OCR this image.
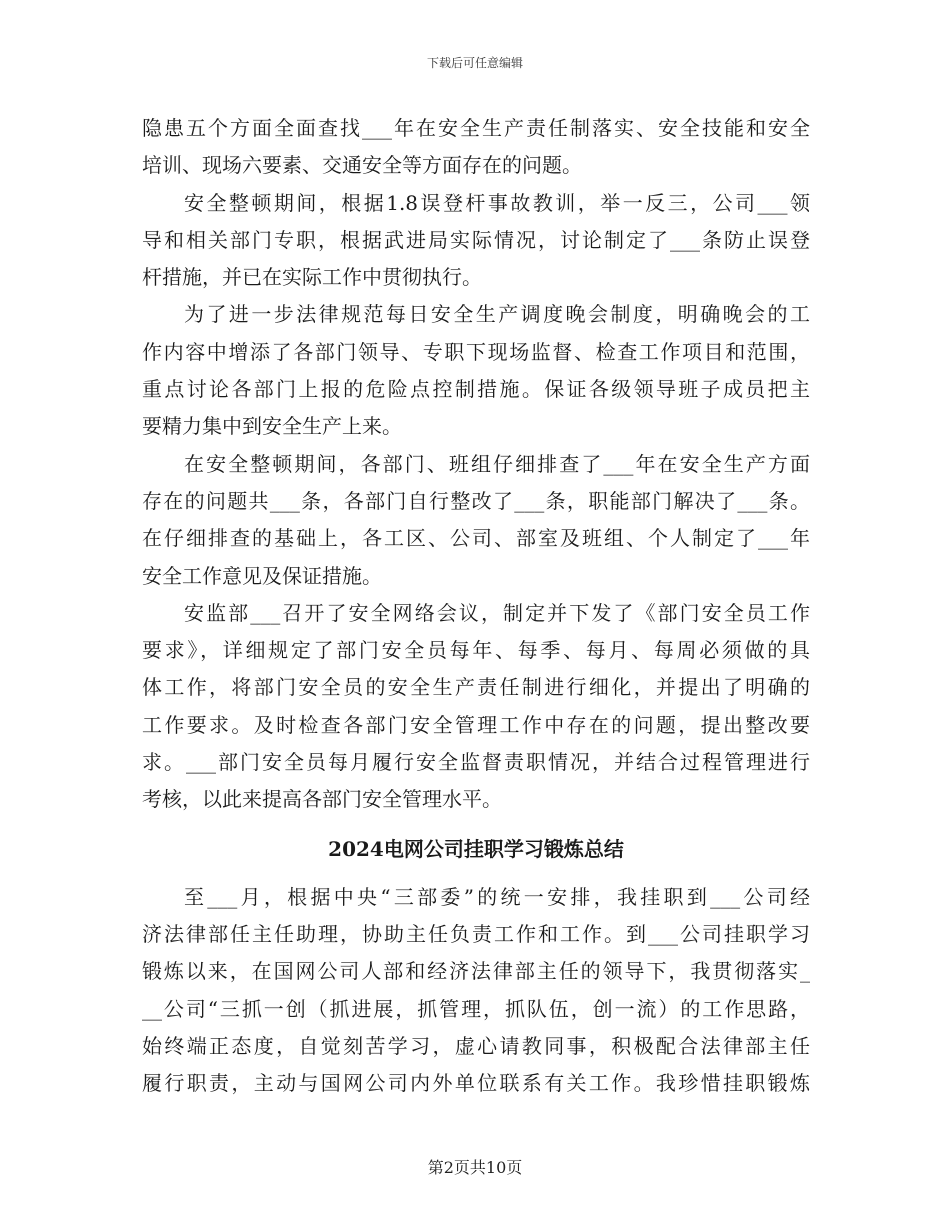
下载后可任意编辑
隐患五个方面全面查找___年在安全生产责任制落实、安全技能和安全
培训、现场六要素、交通安全等方面存在的问题。
安全整顿期间，根据1.8误登杆事故教训，举一反三，公司___领
导和相关部门专职，根据武进局实际情况，讨论制定了___条防止误登
杆措施，并已在实际工作中贯彻执行。
为了进一步法律规范每日安全生产调度晚会制度，明确晚会的工
作内容中增添了各部门领导、专职下现场监督、检查工作项目和范围，
重点讨论各部门上报的危险点控制措施。保证各级领导班子成员把主
要精力集中到安全生产上来。
在安全整顿期间，各部门、班组仔细排查了___年在安全生产方面
存在的问题共___条，各部门自行整改了___条，职能部门解决了___条。
在仔细排查的基础上，各工区、公司、部室及班组、个人制定了___年
安全工作意见及保证措施。
安监部___召开了安全网络会议，制定并下发了《部门安全员工作
要求》，详细规定了部门安全员每年、每季、每月、每周必须做的具
体工作，将部门安全员的安全生产责任制进行细化，并提出了明确的
工作要求。及时检查各部门安全管理工作中存在的问题，提出整改要
求。___部门安全员每月履行安全监督责职情况，并结合过程管理进行
考核，以此来提高各部门安全管理水平。
2024电网公司挂职学习锻炼总结
至___月，根据中央“三部委”的统一安排，我挂职到___公司经
济法律部任主任助理，协助主任负责工作和工作。到___公司挂职学习
锻炼以来，在国网公司人部和经济法律部主任的领导下，我贯彻落实_
__公司“三抓一创（抓进展，抓管理，抓队伍，创一流）的工作思路，
始终端正态度，自觉刻苦学习，虚心请教同事，积极配合法律部主任
履行职责，主动与国网公司内外单位联系有关工作。我珍惜挂职锻炼
第2页共10页
